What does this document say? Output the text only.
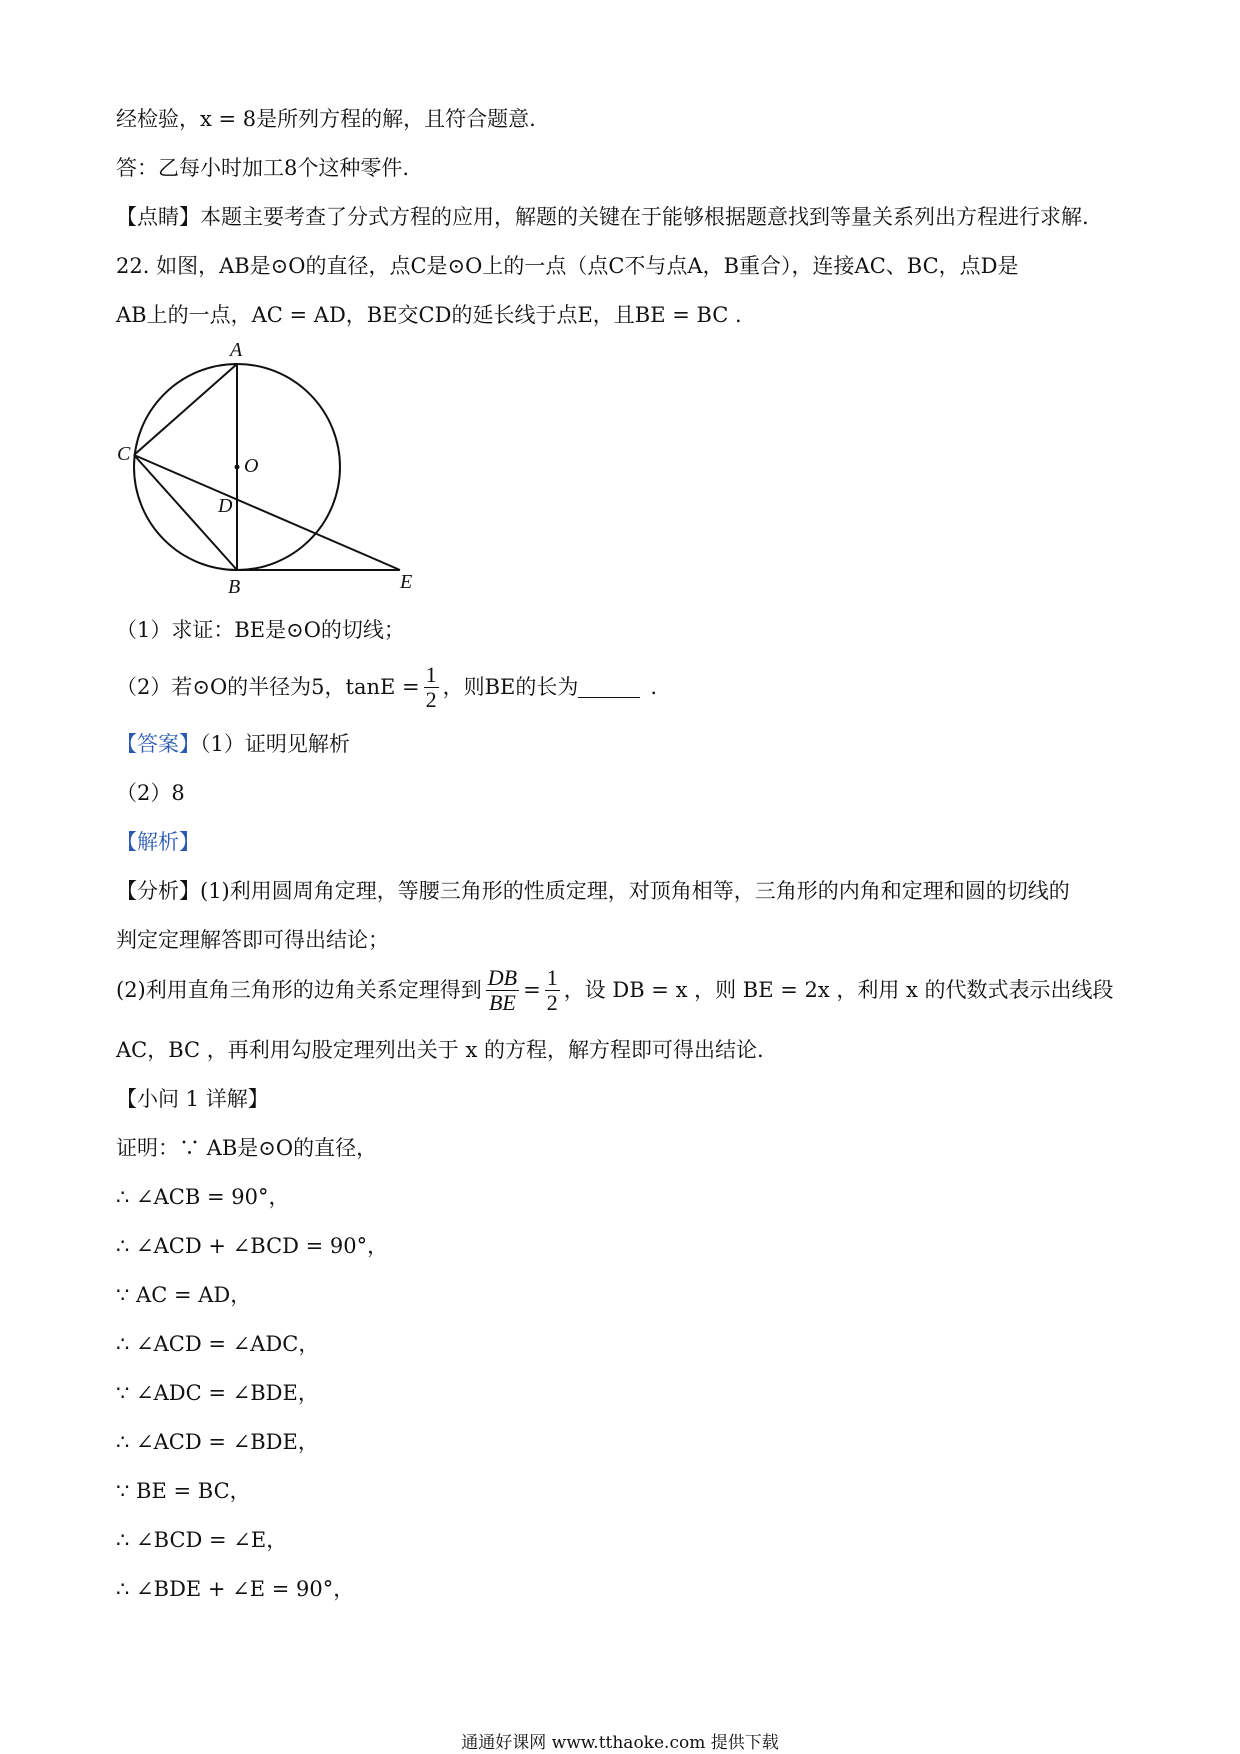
经检验，x = 8是所列方程的解，且符合题意.
答：乙每小时加工8个这种零件.
【点睛】本题主要考查了分式方程的应用，解题的关键在于能够根据题意找到等量关系列出方程进行求解.
22. 如图，AB是⊙O的直径，点C是⊙O上的一点（点C不与点A，B重合），连接AC、BC，点D是
AB上的一点，AC = AD，BE交CD的延长线于点E，且BE = BC .
A
O
C
D
B	E
（1）求证：BE是⊙O的切线；
（2）若⊙O的半径为5，$\tan E = \frac{1}{2}$ ，则BE的长为	.
【答案】（1）证明见解析
（2）8
【解析】
【分析】(1)利用圆周角定理，等腰三角形的性质定理，对顶角相等，三角形的内角和定理和圆的切线的
判定定理解答即可得出结论；
(2)利用直角三角形的边角关系定理得到 $\frac{DB}{BE} = \frac{1}{2}$ ，设 DB = x ，则 BE = 2x ，利用 x 的代数式表示出线段
AC，BC ，再利用勾股定理列出关于 x 的方程，解方程即可得出结论.
【小问 1 详解】
证明：∵ AB是⊙O的直径，
∴ ∠ACB = 90°，
∴ ∠ACD + ∠BCD = 90°，
∵ AC = AD，
∴ ∠ACD = ∠ADC，
∵ ∠ADC = ∠BDE，
∴ ∠ACD = ∠BDE，
∵ BE = BC，
∴ ∠BCD = ∠E，
∴ ∠BDE + ∠E = 90°，
通通好课网 www.tthaoke.com 提供下载
